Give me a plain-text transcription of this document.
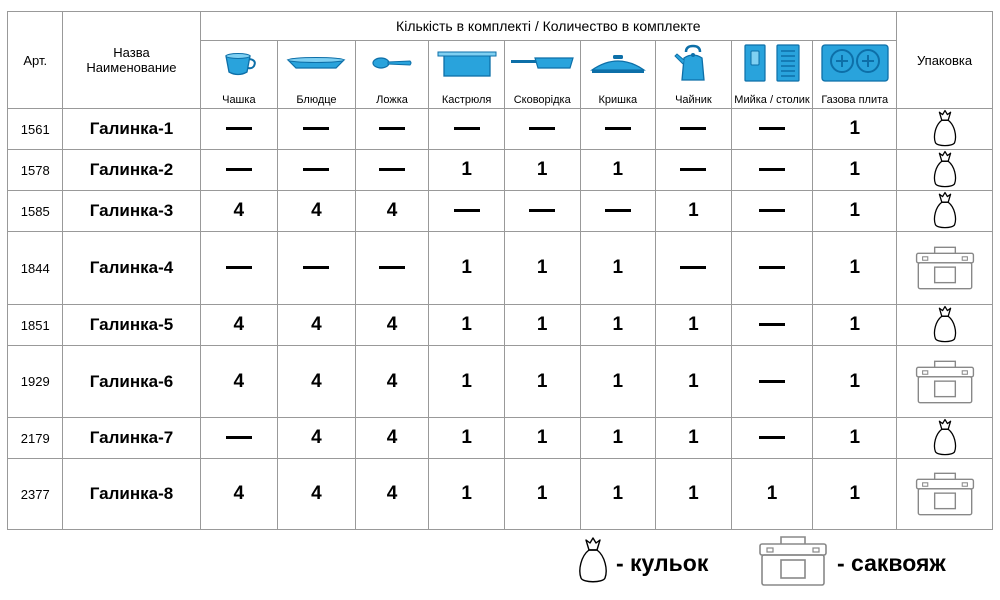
Арт.	Назва
Наименование	Кількість в комплекті / Количество в комплекте									Упаковка

		Чашка	Блюдце	Ложка	Кастрюля	Сковорідка	Кришка	Чайник	Мийка / столик	Газова плита	

1561	Галинка-1									1	

1578	Галинка-2				1	1	1			1	

1585	Галинка-3	4	4	4				1		1	

1844	Галинка-4				1	1	1			1	

1851	Галинка-5	4	4	4	1	1	1	1		1	

1929	Галинка-6	4	4	4	1	1	1	1		1	

2179	Галинка-7		4	4	1	1	1	1		1	

2377	Галинка-8	4	4	4	1	1	1	1	1	1	
- кульок	- саквояж
